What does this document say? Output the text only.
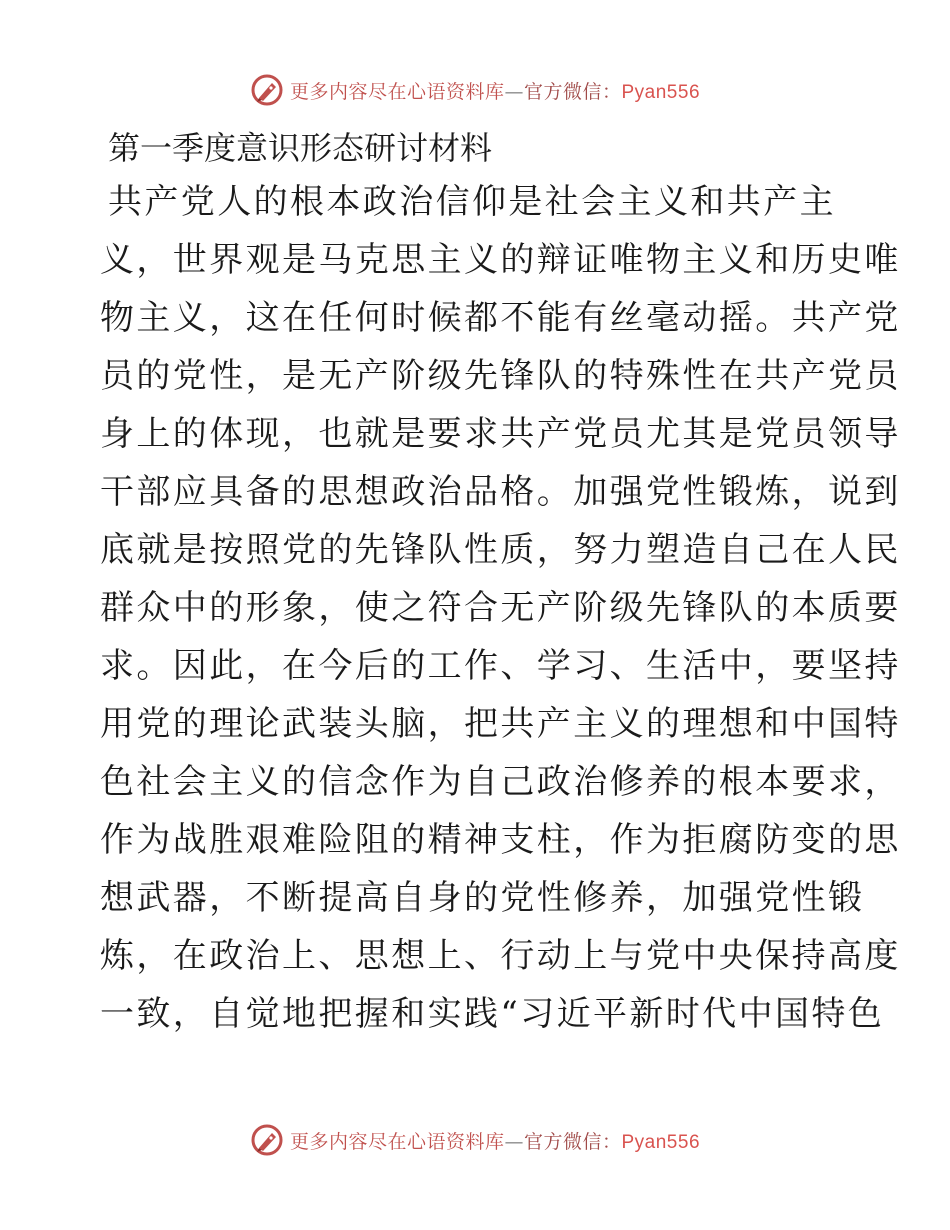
更多内容尽在心语资料库—官方微信：Pyan556
第一季度意识形态研讨材料
共产党人的根本政治信仰是社会主义和共产主
义，世界观是马克思主义的辩证唯物主义和历史唯
物主义，这在任何时候都不能有丝毫动摇。共产党
员的党性，是无产阶级先锋队的特殊性在共产党员
身上的体现，也就是要求共产党员尤其是党员领导
干部应具备的思想政治品格。加强党性锻炼，说到
底就是按照党的先锋队性质，努力塑造自己在人民
群众中的形象，使之符合无产阶级先锋队的本质要
求。因此，在今后的工作、学习、生活中，要坚持
用党的理论武装头脑，把共产主义的理想和中国特
色社会主义的信念作为自己政治修养的根本要求，
作为战胜艰难险阻的精神支柱，作为拒腐防变的思
想武器，不断提高自身的党性修养，加强党性锻
炼，在政治上、思想上、行动上与党中央保持高度
一致，自觉地把握和实践“习近平新时代中国特色
更多内容尽在心语资料库—官方微信：Pyan556
